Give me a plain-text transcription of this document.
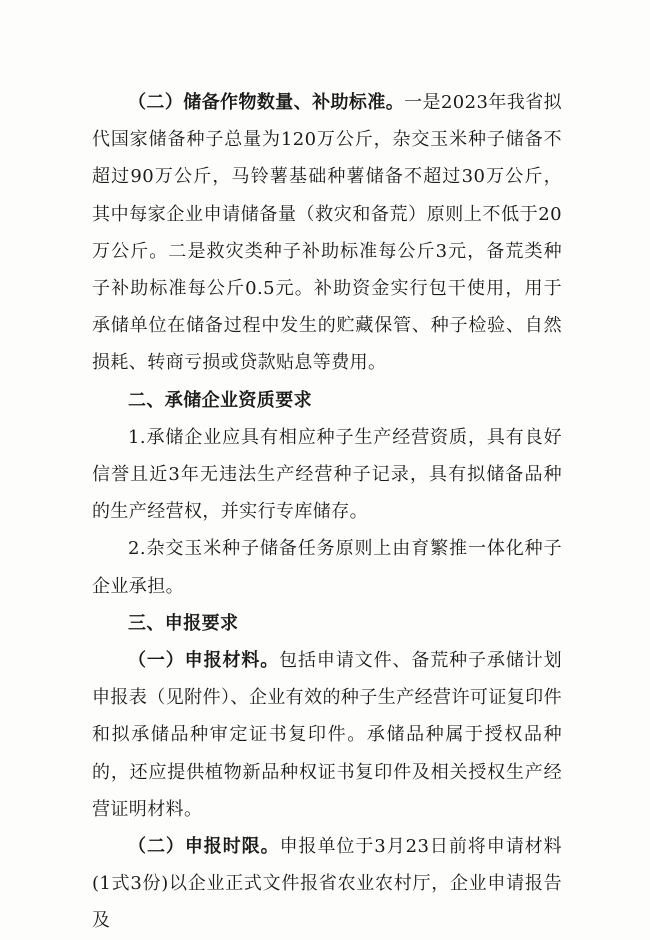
（二）储备作物数量、补助标准。一是2023年我省拟代国家储备种子总量为120万公斤，杂交玉米种子储备不超过90万公斤，马铃薯基础种薯储备不超过30万公斤，其中每家企业申请储备量（救灾和备荒）原则上不低于20万公斤。二是救灾类种子补助标准每公斤3元，备荒类种子补助标准每公斤0.5元。补助资金实行包干使用，用于承储单位在储备过程中发生的贮藏保管、种子检验、自然损耗、转商亏损或贷款贴息等费用。

二、承储企业资质要求

1.承储企业应具有相应种子生产经营资质，具有良好信誉且近3年无违法生产经营种子记录，具有拟储备品种的生产经营权，并实行专库储存。

2.杂交玉米种子储备任务原则上由育繁推一体化种子企业承担。

三、申报要求

（一）申报材料。包括申请文件、备荒种子承储计划申报表（见附件）、企业有效的种子生产经营许可证复印件和拟承储品种审定证书复印件。承储品种属于授权品种的，还应提供植物新品种权证书复印件及相关授权生产经营证明材料。

（二）申报时限。申报单位于3月23日前将申请材料(1式3份)以企业正式文件报省农业农村厅，企业申请报告及
